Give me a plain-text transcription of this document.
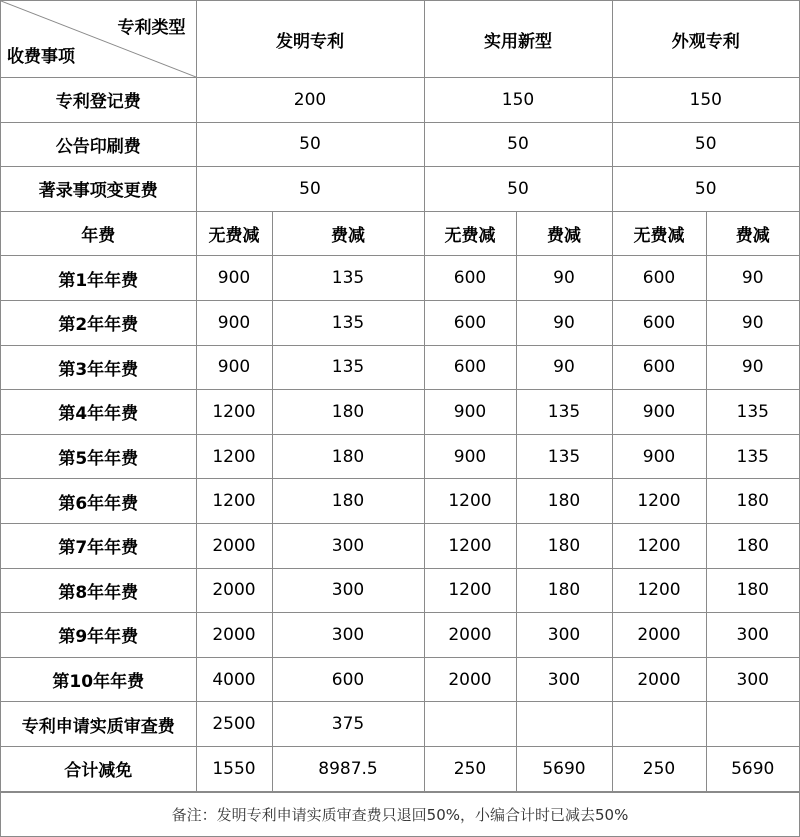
专利类型
收费事项	发明专利		实用新型		外观专利	
专利登记费	200		150		150	
公告印刷费	50		50		50	
著录事项变更费	50		50		50	
年费	无费减	费减	无费减	费减	无费减	费减
第1年年费	900	135	600	90	600	90
第2年年费	900	135	600	90	600	90
第3年年费	900	135	600	90	600	90
第4年年费	1200	180	900	135	900	135
第5年年费	1200	180	900	135	900	135
第6年年费	1200	180	1200	180	1200	180
第7年年费	2000	300	1200	180	1200	180
第8年年费	2000	300	1200	180	1200	180
第9年年费	2000	300	2000	300	2000	300
第10年年费	4000	600	2000	300	2000	300
专利申请实质审查费	2500	375				
合计减免	1550	8987.5	250	5690	250	5690
备注：发明专利申请实质审查费只退回50%，小编合计时已减去50%
